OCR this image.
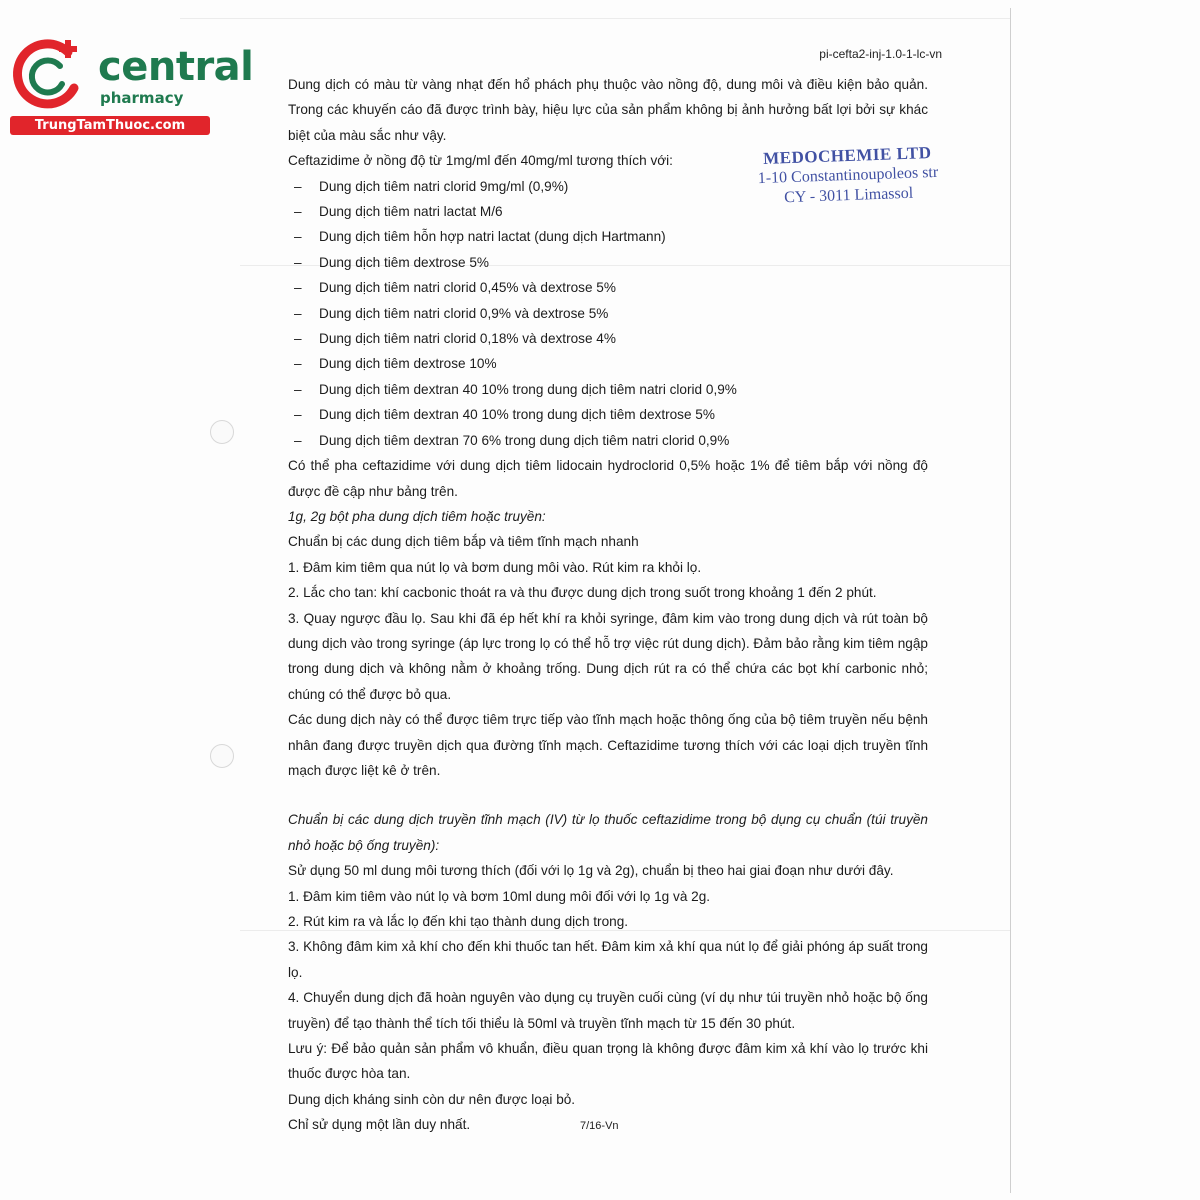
central
pharmacy
TrungTamThuoc.com
pi-cefta2-inj-1.0-1-lc-vn
MEDOCHEMIE LTD
1-10 Constantinoupoleos str
CY - 3011 Limassol

Dung dịch có màu từ vàng nhạt đến hổ phách phụ thuộc vào nồng độ, dung môi và điều kiện bảo quản. Trong các khuyến cáo đã được trình bày, hiệu lực của sản phẩm không bị ảnh hưởng bất lợi bởi sự khác biệt của màu sắc như vậy.

Ceftazidime ở nồng độ từ 1mg/ml đến 40mg/ml tương thích với:

– Dung dịch tiêm natri clorid 9mg/ml (0,9%)
– Dung dịch tiêm natri lactat M/6
– Dung dịch tiêm hỗn hợp natri lactat (dung dịch Hartmann)
– Dung dịch tiêm dextrose 5%
– Dung dịch tiêm natri clorid 0,45% và dextrose 5%
– Dung dịch tiêm natri clorid 0,9% và dextrose 5%
– Dung dịch tiêm natri clorid 0,18% và dextrose 4%
– Dung dịch tiêm dextrose 10%
– Dung dịch tiêm dextran 40 10% trong dung dịch tiêm natri clorid 0,9%
– Dung dịch tiêm dextran 40 10% trong dung dịch tiêm dextrose 5%
– Dung dịch tiêm dextran 70 6% trong dung dịch tiêm natri clorid 0,9%

Có thể pha ceftazidime với dung dịch tiêm lidocain hydroclorid 0,5% hoặc 1% để tiêm bắp với nồng độ được đề cập như bảng trên.

1g, 2g bột pha dung dịch tiêm hoặc truyền:

Chuẩn bị các dung dịch tiêm bắp và tiêm tĩnh mạch nhanh

1. Đâm kim tiêm qua nút lọ và bơm dung môi vào. Rút kim ra khỏi lọ.

2. Lắc cho tan: khí cacbonic thoát ra và thu được dung dịch trong suốt trong khoảng 1 đến 2 phút.

3. Quay ngược đầu lọ. Sau khi đã ép hết khí ra khỏi syringe, đâm kim vào trong dung dịch và rút toàn bộ dung dịch vào trong syringe (áp lực trong lọ có thể hỗ trợ việc rút dung dịch). Đảm bảo rằng kim tiêm ngập trong dung dịch và không nằm ở khoảng trống. Dung dịch rút ra có thể chứa các bọt khí carbonic nhỏ; chúng có thể được bỏ qua.

Các dung dịch này có thể được tiêm trực tiếp vào tĩnh mạch hoặc thông ống của bộ tiêm truyền nếu bệnh nhân đang được truyền dịch qua đường tĩnh mạch. Ceftazidime tương thích với các loại dịch truyền tĩnh mạch được liệt kê ở trên.

Chuẩn bị các dung dịch truyền tĩnh mạch (IV) từ lọ thuốc ceftazidime trong bộ dụng cụ chuẩn (túi truyền nhỏ hoặc bộ ống truyền):

Sử dụng 50 ml dung môi tương thích (đối với lọ 1g và 2g), chuẩn bị theo hai giai đoạn như dưới đây.

1. Đâm kim tiêm vào nút lọ và bơm 10ml dung môi đối với lọ 1g và 2g.

2. Rút kim ra và lắc lọ đến khi tạo thành dung dịch trong.

3. Không đâm kim xả khí cho đến khi thuốc tan hết. Đâm kim xả khí qua nút lọ để giải phóng áp suất trong lọ.

4. Chuyển dung dịch đã hoàn nguyên vào dụng cụ truyền cuối cùng (ví dụ như túi truyền nhỏ hoặc bộ ống truyền) để tạo thành thể tích tối thiểu là 50ml và truyền tĩnh mạch từ 15 đến 30 phút.

Lưu ý: Để bảo quản sản phẩm vô khuẩn, điều quan trọng là không được đâm kim xả khí vào lọ trước khi thuốc được hòa tan.

Dung dịch kháng sinh còn dư nên được loại bỏ.

Chỉ sử dụng một lần duy nhất.	7/16-Vn
